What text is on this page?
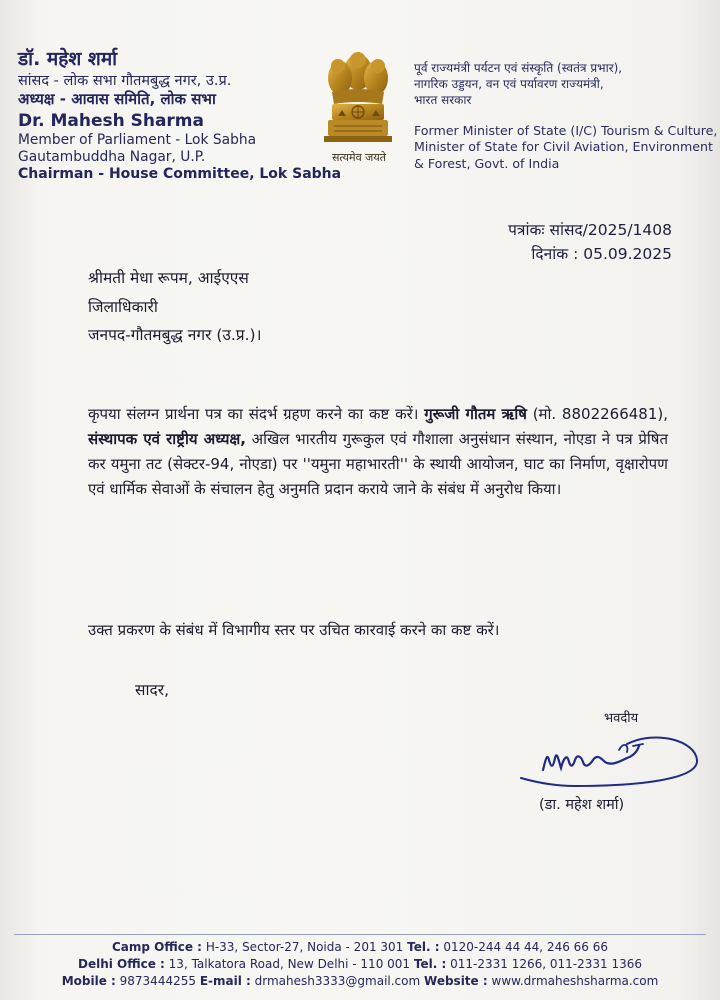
डॉ. महेश शर्मा
सांसद - लोक सभा गौतमबुद्ध नगर, उ.प्र.
अध्यक्ष - आवास समिति, लोक सभा
Dr. Mahesh Sharma
Member of Parliament - Lok Sabha
Gautambuddha Nagar, U.P.
Chairman - House Committee, Lok Sabha
सत्यमेव जयते
पूर्व राज्यमंत्री पर्यटन एवं संस्कृति (स्वतंत्र प्रभार),
नागरिक उड्डयन, वन एवं पर्यावरण राज्यमंत्री,
भारत सरकार
Former Minister of State (I/C) Tourism & Culture,
Minister of State for Civil Aviation, Environment
& Forest, Govt. of India
पत्रांकः सांसद/2025/1408
दिनांक : 05.09.2025
श्रीमती मेधा रूपम, आईएएस
जिलाधिकारी
जनपद-गौतमबुद्ध नगर (उ.प्र.)।
कृपया संलग्न प्रार्थना पत्र का संदर्भ ग्रहण करने का कष्ट करें। गुरूजी गौतम ऋषि (मो. 8802266481), संस्थापक एवं राष्ट्रीय अध्यक्ष, अखिल भारतीय गुरूकुल एवं गौशाला अनुसंधान संस्थान, नोएडा ने पत्र प्रेषित कर यमुना तट (सेक्टर-94, नोएडा) पर ''यमुना महाभारती'' के स्थायी आयोजन, घाट का निर्माण, वृक्षारोपण एवं धार्मिक सेवाओं के संचालन हेतु अनुमति प्रदान कराये जाने के संबंध में अनुरोध किया।
उक्त प्रकरण के संबंध में विभागीय स्तर पर उचित कारवाई करने का कष्ट करें।
सादर,
भवदीय
(डा. महेश शर्मा)
Camp Office : H-33, Sector-27, Noida - 201 301 Tel. : 0120-244 44 44, 246 66 66
Delhi Office : 13, Talkatora Road, New Delhi - 110 001 Tel. : 011-2331 1266, 011-2331 1366
Mobile : 9873444255 E-mail : drmahesh3333@gmail.com Website : www.drmaheshsharma.com
